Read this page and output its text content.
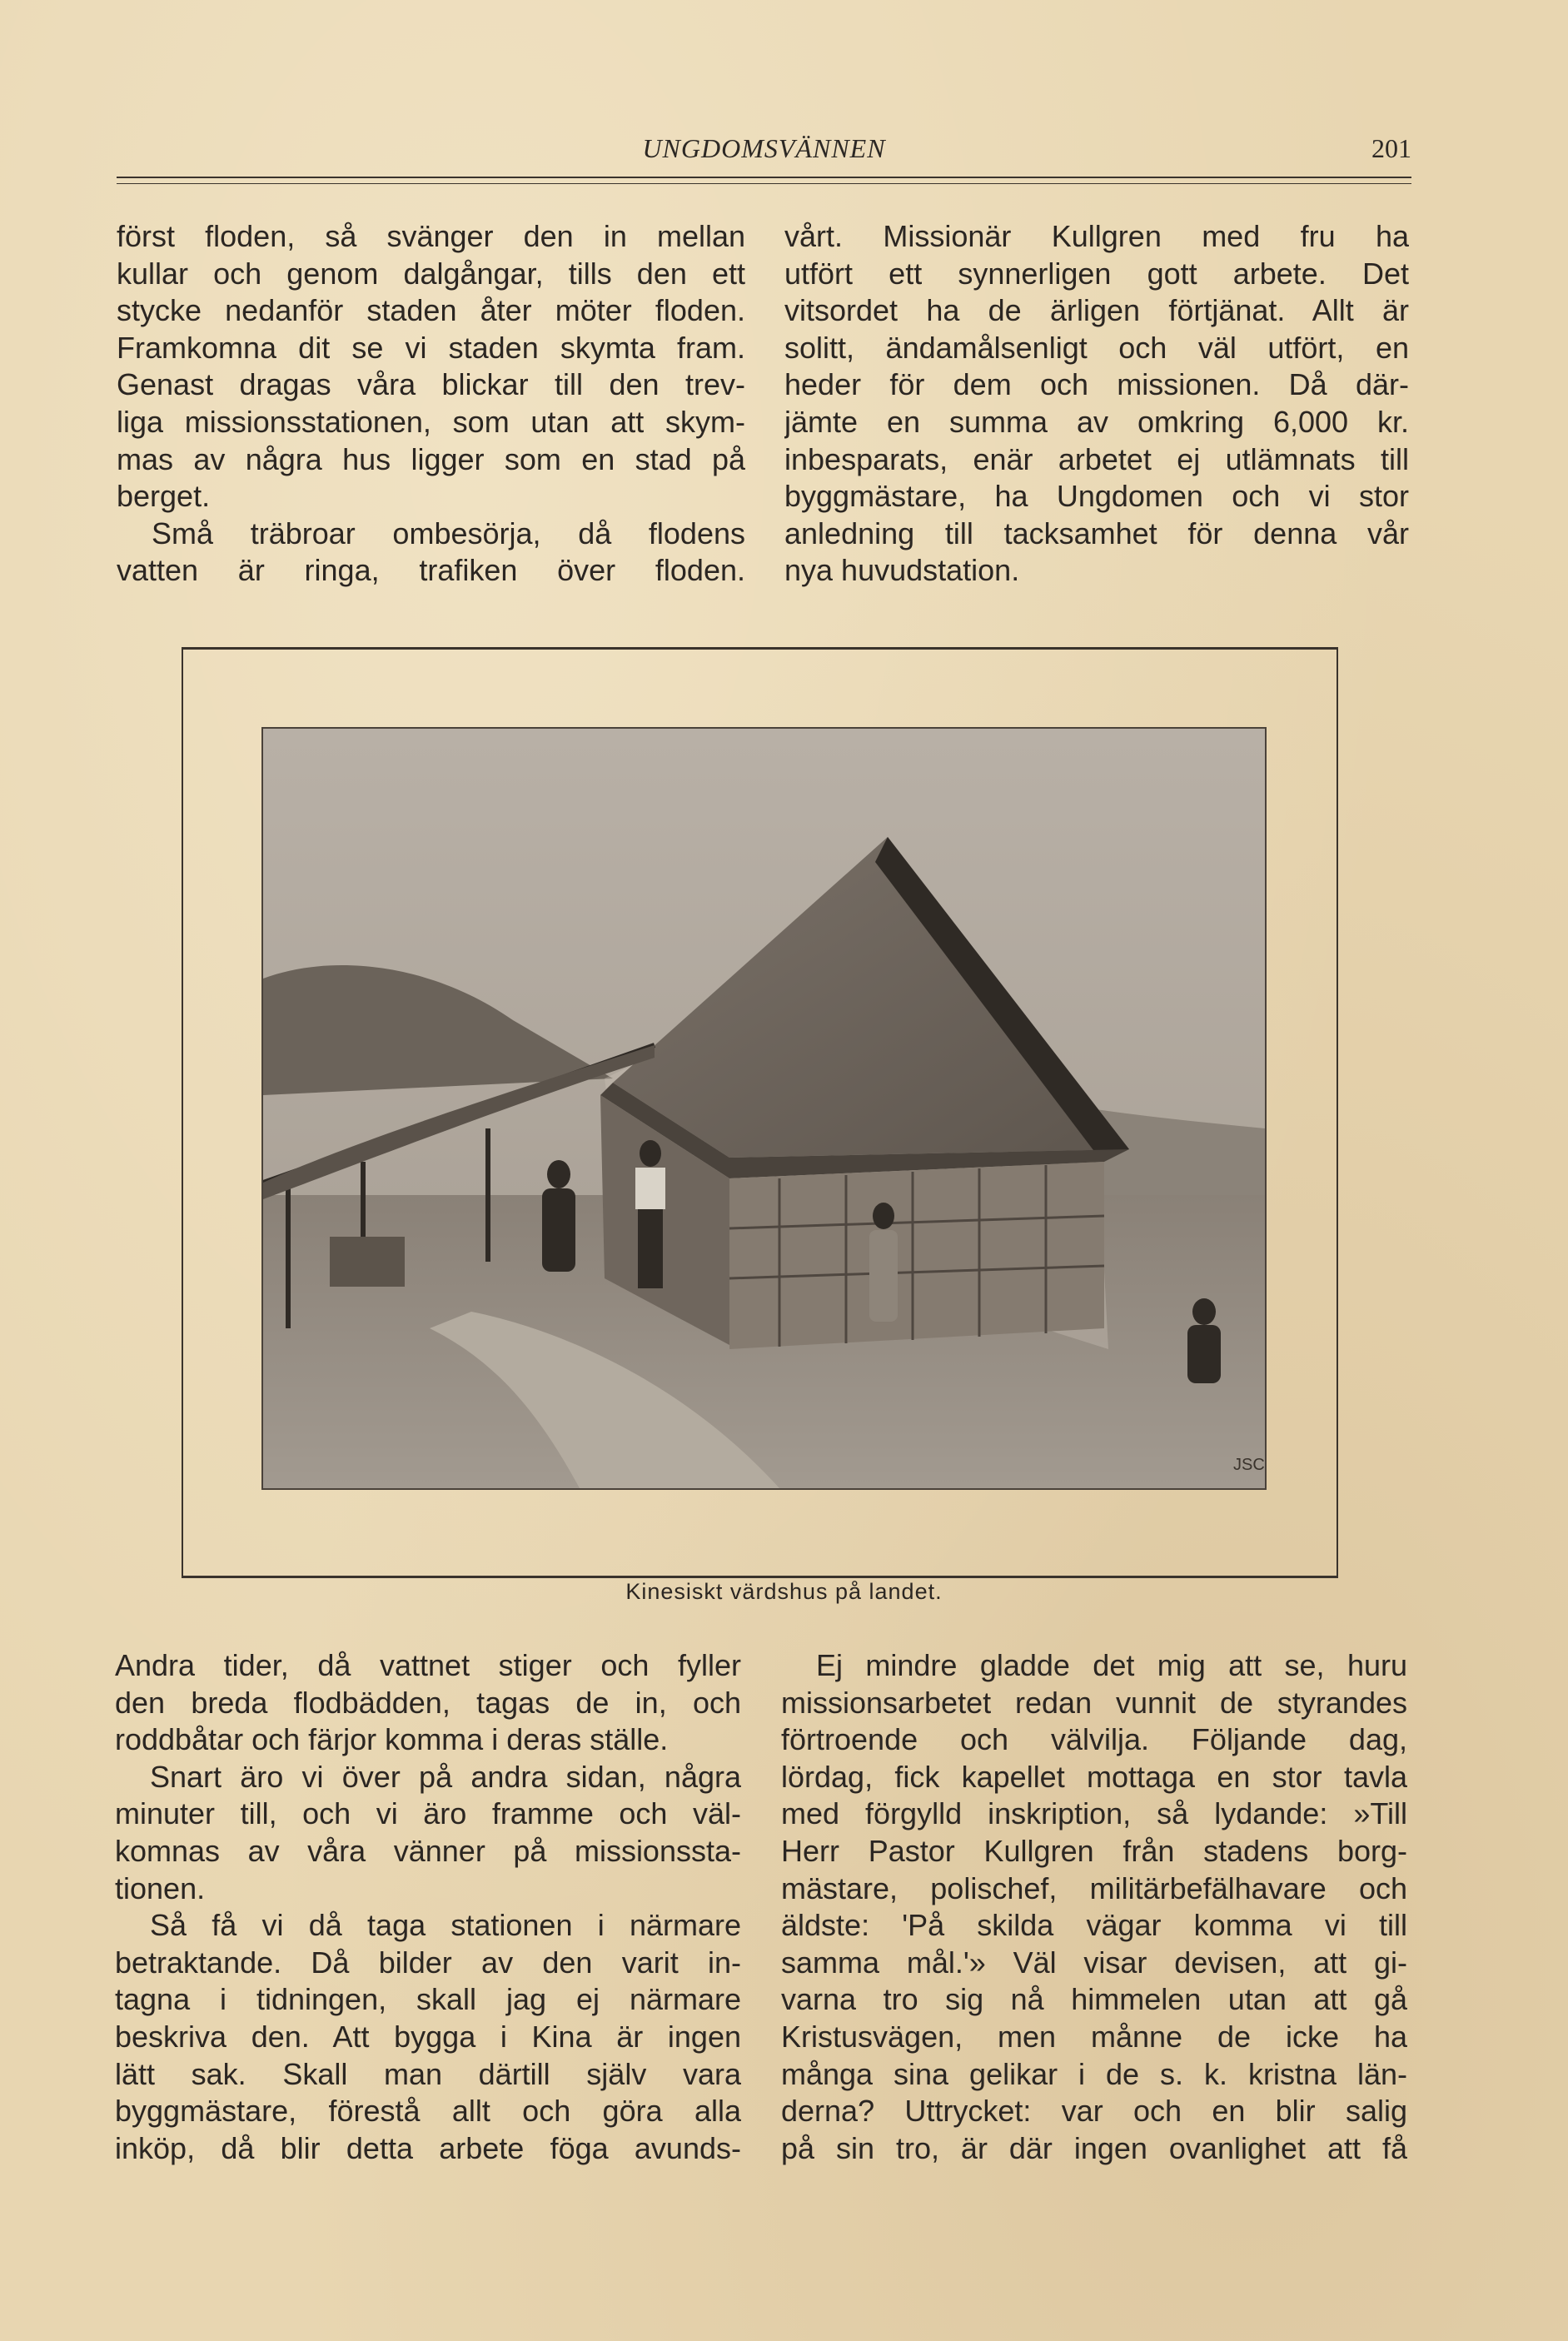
UNGDOMSVÄNNEN	201

först floden, så svänger den in mellan
kullar och genom dalgångar, tills den ett
stycke nedanför staden åter möter floden.
Framkomna dit se vi staden skymta fram.
Genast dragas våra blickar till den trev-
liga missionsstationen, som utan att skym-
mas av några hus ligger som en stad på
berget.

Små träbroar ombesörja, då flodens
vatten är ringa, trafiken över floden.

vårt. Missionär Kullgren med fru ha
utfört ett synnerligen gott arbete. Det
vitsordet ha de ärligen förtjänat. Allt är
solitt, ändamålsenligt och väl utfört, en
heder för dem och missionen. Då där-
jämte en summa av omkring 6,000 kr.
inbesparats, enär arbetet ej utlämnats till
byggmästare, ha Ungdomen och vi stor
anledning till tacksamhet för denna vår
nya huvudstation.

JSC
Kinesiskt värdshus på landet.

Andra tider, då vattnet stiger och fyller
den breda flodbädden, tagas de in, och
roddbåtar och färjor komma i deras ställe.

Snart äro vi över på andra sidan, några
minuter till, och vi äro framme och väl-
komnas av våra vänner på missionssta-
tionen.

Så få vi då taga stationen i närmare
betraktande. Då bilder av den varit in-
tagna i tidningen, skall jag ej närmare
beskriva den. Att bygga i Kina är ingen
lätt sak. Skall man därtill själv vara
byggmästare, förestå allt och göra alla
inköp, då blir detta arbete föga avunds-

Ej mindre gladde det mig att se, huru
missionsarbetet redan vunnit de styrandes
förtroende och välvilja. Följande dag,
lördag, fick kapellet mottaga en stor tavla
med förgylld inskription, så lydande: »Till
Herr Pastor Kullgren från stadens borg-
mästare, polischef, militärbefälhavare och
äldste: 'På skilda vägar komma vi till
samma mål.'» Väl visar devisen, att gi-
varna tro sig nå himmelen utan att gå
Kristusvägen, men månne de icke ha
många sina gelikar i de s. k. kristna län-
derna? Uttrycket: var och en blir salig
på sin tro, är där ingen ovanlighet att få
